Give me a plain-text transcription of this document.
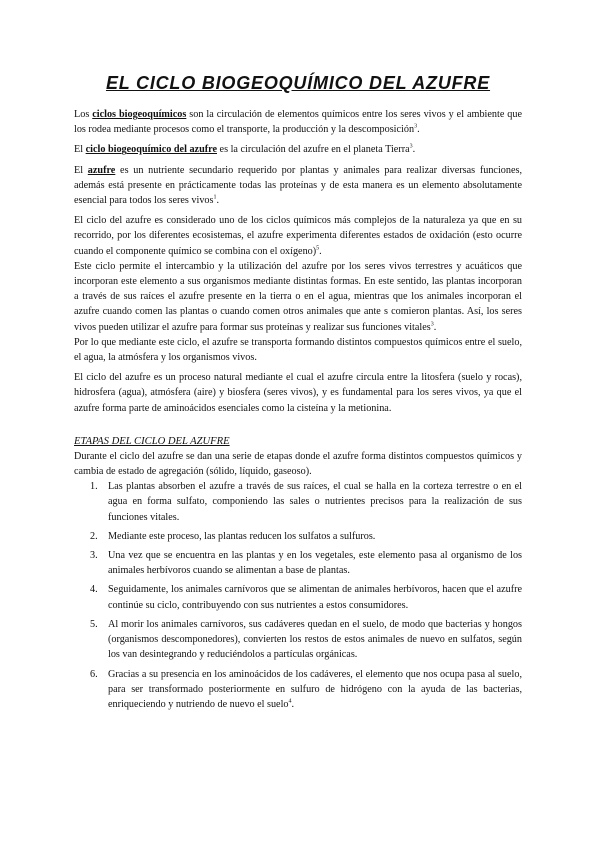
EL CICLO BIOGEOQUÍMICO DEL AZUFRE

Los ciclos biogeoquímicos son la circulación de elementos químicos entre los seres vivos y el ambiente que los rodea mediante procesos como el transporte, la producción y la descomposición$^3$.

El ciclo biogeoquímico del azufre es la circulación del azufre en el planeta Tierra$^3$.

El azufre es un nutriente secundario requerido por plantas y animales para realizar diversas funciones, además está presente en prácticamente todas las proteínas y de esta manera es un elemento absolutamente esencial para todos los seres vivos$^1$.

El ciclo del azufre es considerado uno de los ciclos químicos más complejos de la naturaleza ya que en su recorrido, por los diferentes ecosistemas, el azufre experimenta diferentes estados de oxidación (esto ocurre cuando el componente químico se combina con el oxígeno)$^5$.

Este ciclo permite el intercambio y la utilización del azufre por los seres vivos terrestres y acuáticos que incorporan este elemento a sus organismos mediante distintas formas. En este sentido, las plantas incorporan a través de sus raíces el azufre presente en la tierra o en el agua, mientras que los animales incorporan el azufre cuando comen las plantas o cuando comen otros animales que ante s comieron plantas. Así, los seres vivos pueden utilizar el azufre para formar sus proteínas y realizar sus funciones vitales$^3$.

Por lo que mediante este ciclo, el azufre se transporta formando distintos compuestos químicos entre el suelo, el agua, la atmósfera y los organismos vivos.

El ciclo del azufre es un proceso natural mediante el cual el azufre circula entre la litosfera (suelo y rocas), hidrosfera (agua), atmósfera (aire) y biosfera (seres vivos), y es fundamental para los seres vivos, ya que el azufre forma parte de aminoácidos esenciales como la cisteína y la metionina.

ETAPAS DEL CICLO DEL AZUFRE

Durante el ciclo del azufre se dan una serie de etapas donde el azufre forma distintos compuestos químicos y cambia de estado de agregación (sólido, líquido, gaseoso).

1. Las plantas absorben el azufre a través de sus raíces, el cual se halla en la corteza terrestre o en el agua en forma sulfato, componiendo las sales o nutrientes precisos para la realización de sus funciones vitales.
2. Mediante este proceso, las plantas reducen los sulfatos a sulfuros.
3. Una vez que se encuentra en las plantas y en los vegetales, este elemento pasa al organismo de los animales herbívoros cuando se alimentan a base de plantas.
4. Seguidamente, los animales carnívoros que se alimentan de animales herbívoros, hacen que el azufre continúe su ciclo, contribuyendo con sus nutrientes a estos consumidores.
5. Al morir los animales carnívoros, sus cadáveres quedan en el suelo, de modo que bacterias y hongos (organismos descomponedores), convierten los restos de estos animales de nuevo en sulfatos, según los van desintegrando y reduciéndolos a partículas orgánicas.
6. Gracias a su presencia en los aminoácidos de los cadáveres, el elemento que nos ocupa pasa al suelo, para ser transformado posteriormente en sulfuro de hidrógeno con la ayuda de las bacterias, enriqueciendo y nutriendo de nuevo el suelo$^4$.
